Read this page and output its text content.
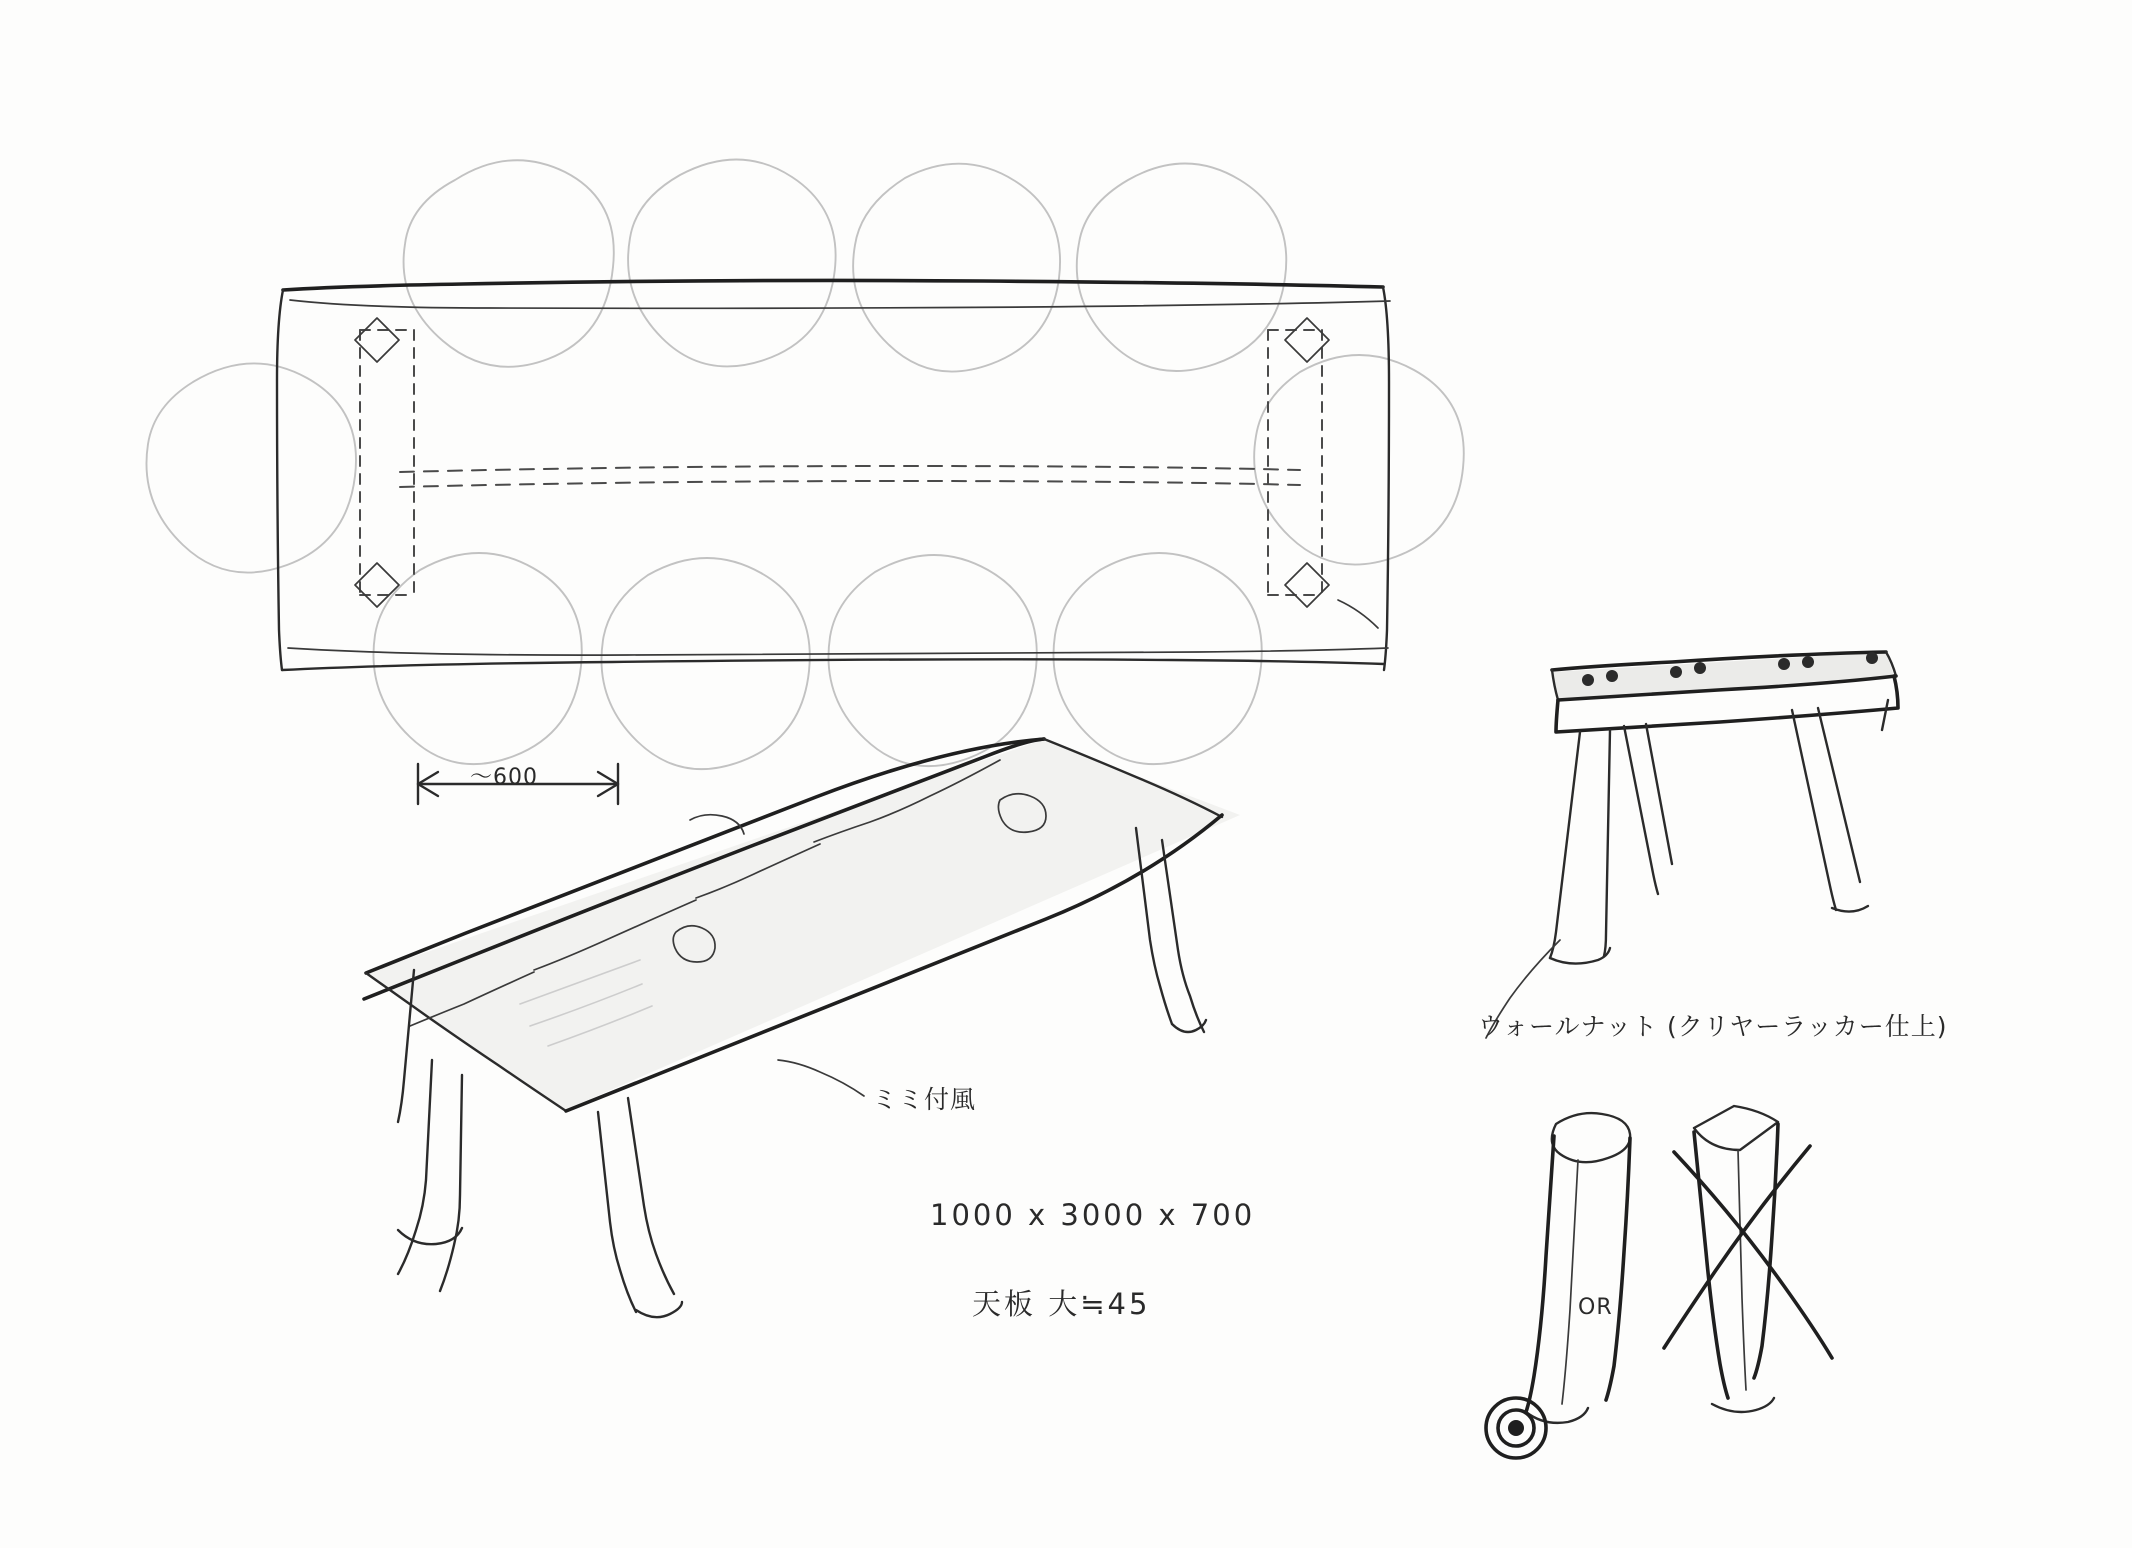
～600
ミミ付風
1000 x 3000 x 700
天板 大≒45
ウォールナット (クリヤーラッカー仕上)
OR
